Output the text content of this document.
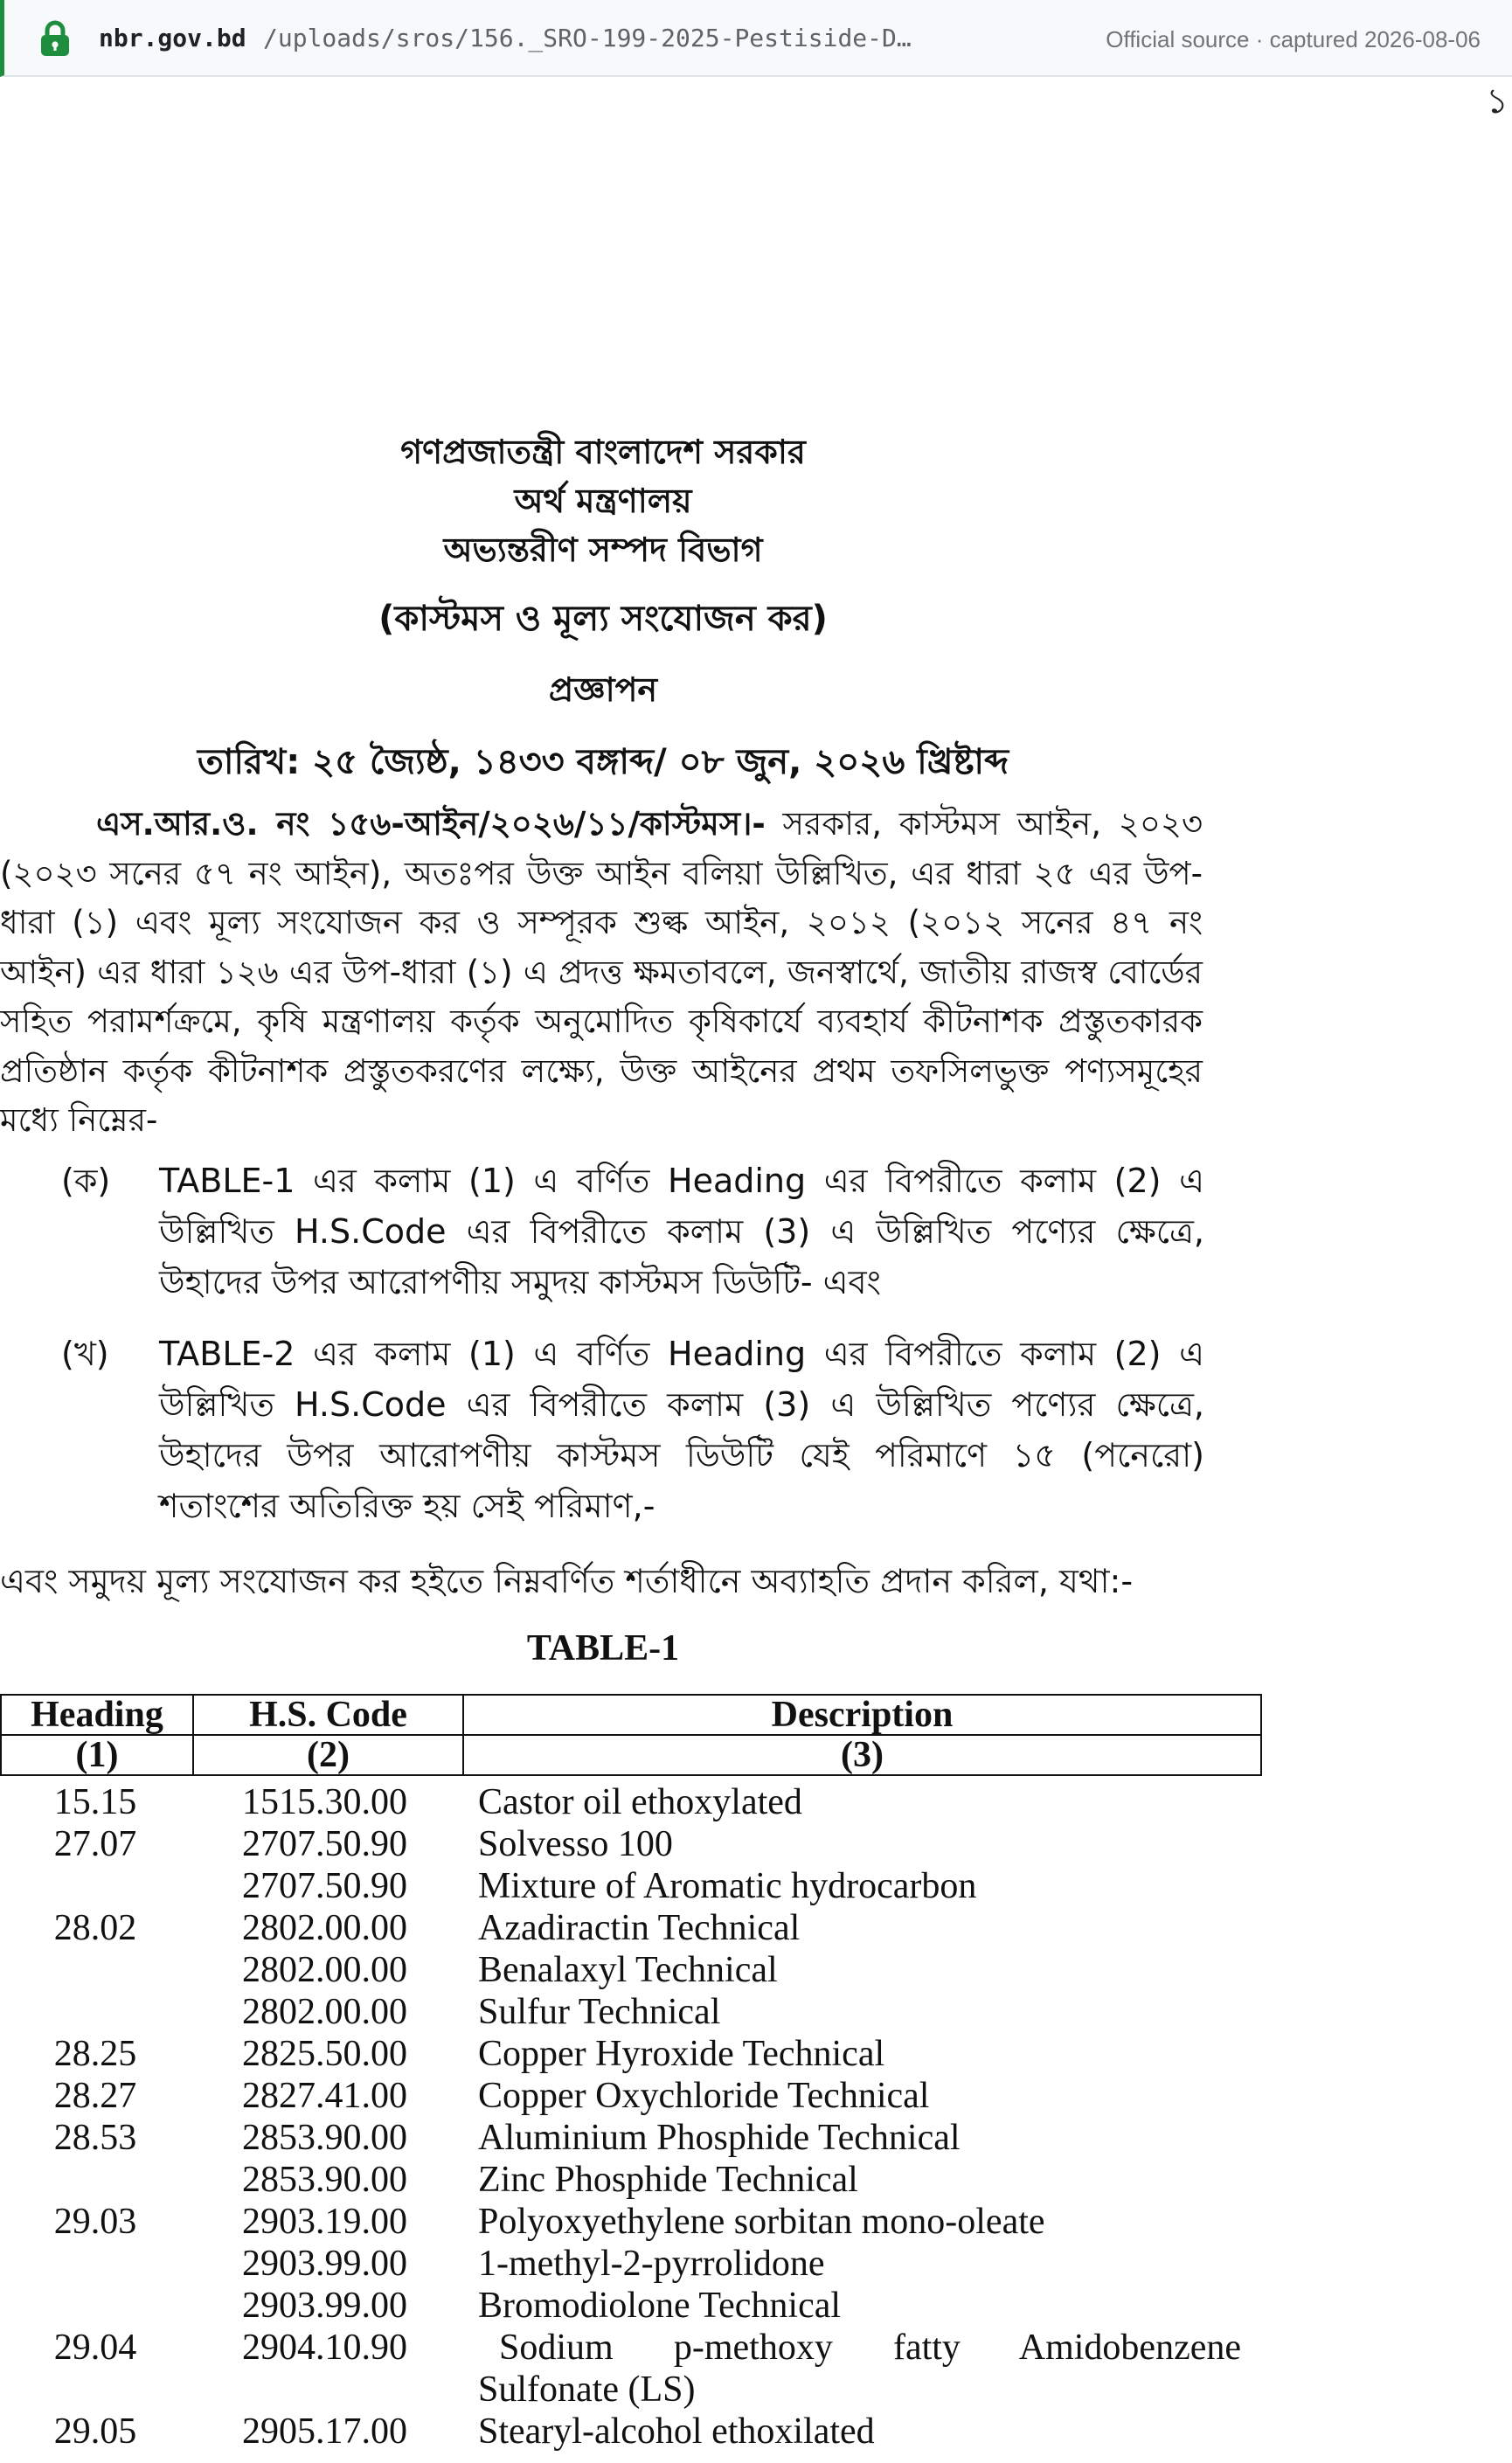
nbr.gov.bd /uploads/sros/156._SRO-199-2025-Pestiside-D…	Official source · captured 2026-08-06
১
গণপ্রজাতন্ত্রী বাংলাদেশ সরকার
অর্থ মন্ত্রণালয়
অভ্যন্তরীণ সম্পদ বিভাগ
(কাস্টমস ও মূল্য সংযোজন কর)
প্রজ্ঞাপন
তারিখ: ২৫ জ্যৈষ্ঠ, ১৪৩৩ বঙ্গাব্দ/ ০৮ জুন, ২০২৬ খ্রিষ্টাব্দ

এস.আর.ও. নং ১৫৬-আইন/২০২৬/১১/কাস্টমস।- সরকার, কাস্টমস আইন, ২০২৩ (২০২৩ সনের ৫৭ নং আইন), অতঃপর উক্ত আইন বলিয়া উল্লিখিত, এর ধারা ২৫ এর উপ-ধারা (১) এবং মূল্য সংযোজন কর ও সম্পূরক শুল্ক আইন, ২০১২ (২০১২ সনের ৪৭ নং আইন) এর ধারা ১২৬ এর উপ-ধারা (১) এ প্রদত্ত ক্ষমতাবলে, জনস্বার্থে, জাতীয় রাজস্ব বোর্ডের সহিত পরামর্শক্রমে, কৃষি মন্ত্রণালয় কর্তৃক অনুমোদিত কৃষিকার্যে ব্যবহার্য কীটনাশক প্রস্তুতকারক প্রতিষ্ঠান কর্তৃক কীটনাশক প্রস্তুতকরণের লক্ষ্যে, উক্ত আইনের প্রথম তফসিলভুক্ত পণ্যসমূহের মধ্যে নিম্নের-

(ক) TABLE-1 এর কলাম (1) এ বর্ণিত Heading এর বিপরীতে কলাম (2) এ উল্লিখিত H.S.Code এর বিপরীতে কলাম (3) এ উল্লিখিত পণ্যের ক্ষেত্রে, উহাদের উপর আরোপণীয় সমুদয় কাস্টমস ডিউটি- এবং

(খ) TABLE-2 এর কলাম (1) এ বর্ণিত Heading এর বিপরীতে কলাম (2) এ উল্লিখিত H.S.Code এর বিপরীতে কলাম (3) এ উল্লিখিত পণ্যের ক্ষেত্রে, উহাদের উপর আরোপণীয় কাস্টমস ডিউটি যেই পরিমাণে ১৫ (পনেরো) শতাংশের অতিরিক্ত হয় সেই পরিমাণ,-

এবং সমুদয় মূল্য সংযোজন কর হইতে নিম্নবর্ণিত শর্তাধীনে অব্যাহতি প্রদান করিল, যথা:-
TABLE-1
Heading	H.S. Code	Description
(1)	(2)	(3)
15.15	1515.30.00	Castor oil ethoxylated
27.07	2707.50.90	Solvesso 100
	2707.50.90	Mixture of Aromatic hydrocarbon
28.02	2802.00.00	Azadiractin Technical
	2802.00.00	Benalaxyl Technical
	2802.00.00	Sulfur Technical
28.25	2825.50.00	Copper Hyroxide Technical
28.27	2827.41.00	Copper Oxychloride Technical
28.53	2853.90.00	Aluminium Phosphide Technical
	2853.90.00	Zinc Phosphide Technical
29.03	2903.19.00	Polyoxyethylene sorbitan mono-oleate
	2903.99.00	1-methyl-2-pyrrolidone
	2903.99.00	Bromodiolone Technical
29.04	2904.10.90	Sodium p-methoxy fatty Amidobenzene
		Sulfonate (LS)
29.05	2905.17.00	Stearyl-alcohol ethoxilated
